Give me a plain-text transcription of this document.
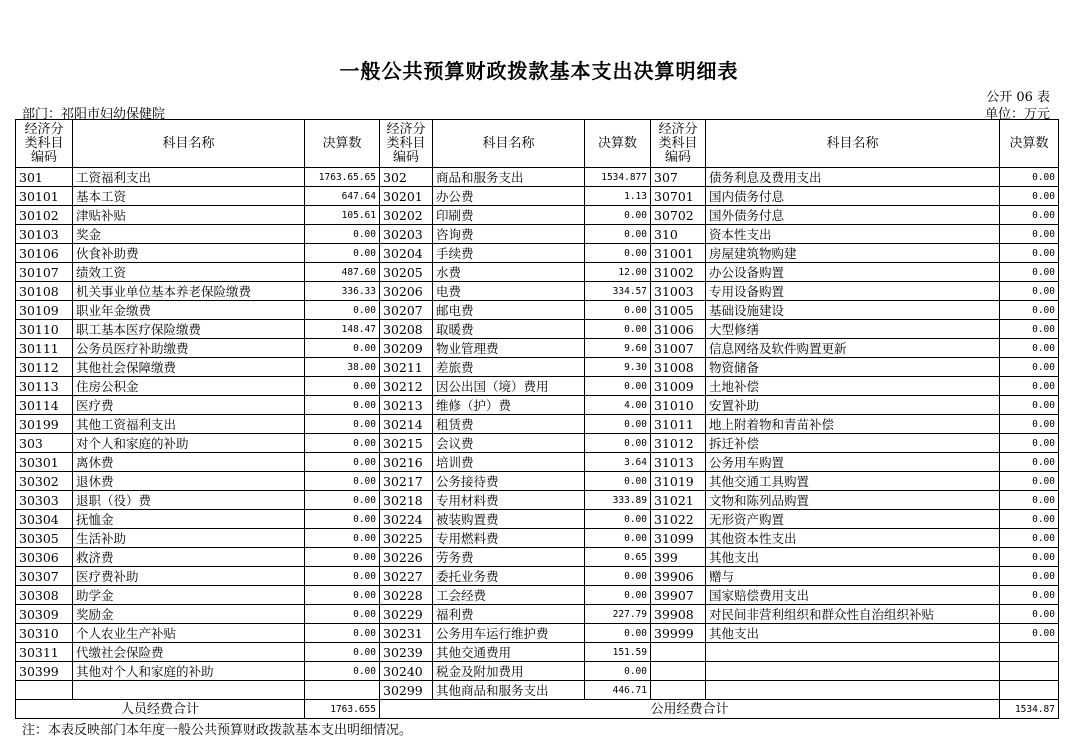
一般公共预算财政拨款基本支出决算明细表
公开 06 表
部门：祁阳市妇幼保健院	单位：万元
经济分类科目编码	科目名称	决算数	经济分类科目编码	科目名称	决算数	经济分类科目编码	科目名称	决算数
301	工资福利支出	1763.65.65	302	商品和服务支出	1534.877	307	债务利息及费用支出	0.00
30101	基本工资	647.64	30201	办公费	1.13	30701	国内债务付息	0.00
30102	津贴补贴	105.61	30202	印刷费	0.00	30702	国外债务付息	0.00
30103	奖金	0.00	30203	咨询费	0.00	310	资本性支出	0.00
30106	伙食补助费	0.00	30204	手续费	0.00	31001	房屋建筑物购建	0.00
30107	绩效工资	487.60	30205	水费	12.00	31002	办公设备购置	0.00
30108	机关事业单位基本养老保险缴费	336.33	30206	电费	334.57	31003	专用设备购置	0.00
30109	职业年金缴费	0.00	30207	邮电费	0.00	31005	基础设施建设	0.00
30110	职工基本医疗保险缴费	148.47	30208	取暖费	0.00	31006	大型修缮	0.00
30111	公务员医疗补助缴费	0.00	30209	物业管理费	9.60	31007	信息网络及软件购置更新	0.00
30112	其他社会保障缴费	38.00	30211	差旅费	9.30	31008	物资储备	0.00
30113	住房公积金	0.00	30212	因公出国（境）费用	0.00	31009	土地补偿	0.00
30114	医疗费	0.00	30213	维修（护）费	4.00	31010	安置补助	0.00
30199	其他工资福利支出	0.00	30214	租赁费	0.00	31011	地上附着物和青苗补偿	0.00
303	对个人和家庭的补助	0.00	30215	会议费	0.00	31012	拆迁补偿	0.00
30301	离休费	0.00	30216	培训费	3.64	31013	公务用车购置	0.00
30302	退休费	0.00	30217	公务接待费	0.00	31019	其他交通工具购置	0.00
30303	退职（役）费	0.00	30218	专用材料费	333.89	31021	文物和陈列品购置	0.00
30304	抚恤金	0.00	30224	被装购置费	0.00	31022	无形资产购置	0.00
30305	生活补助	0.00	30225	专用燃料费	0.00	31099	其他资本性支出	0.00
30306	救济费	0.00	30226	劳务费	0.65	399	其他支出	0.00
30307	医疗费补助	0.00	30227	委托业务费	0.00	39906	赠与	0.00
30308	助学金	0.00	30228	工会经费	0.00	39907	国家赔偿费用支出	0.00
30309	奖励金	0.00	30229	福利费	227.79	39908	对民间非营利组织和群众性自治组织补贴	0.00
30310	个人农业生产补贴	0.00	30231	公务用车运行维护费	0.00	39999	其他支出	0.00
30311	代缴社会保险费	0.00	30239	其他交通费用	151.59			
30399	其他对个人和家庭的补助	0.00	30240	税金及附加费用	0.00			
			30299	其他商品和服务支出	446.71			
人员经费合计		1763.655	公用经费合计					1534.87
注：本表反映部门本年度一般公共预算财政拨款基本支出明细情况。
